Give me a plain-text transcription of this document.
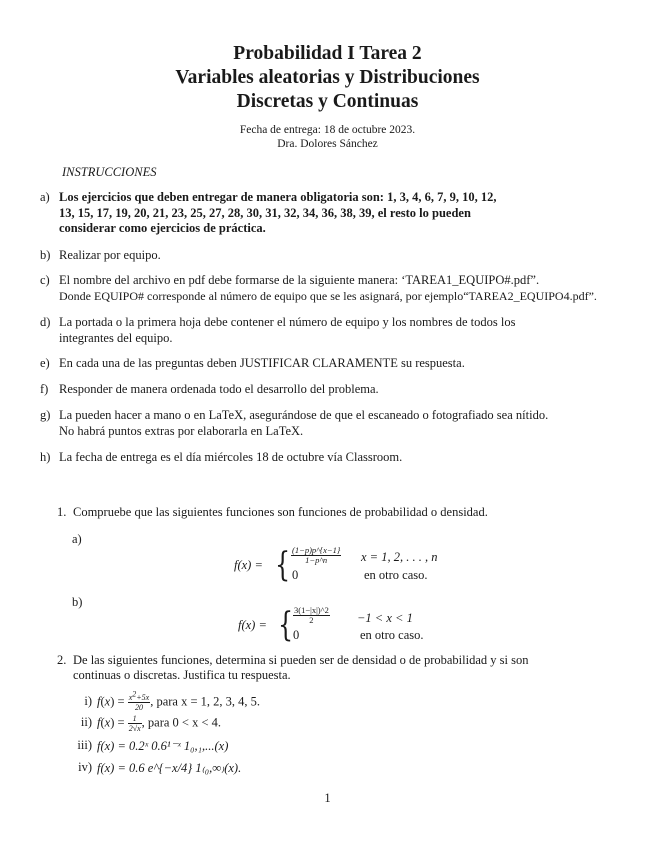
Probabilidad I Tarea 2
Variables aleatorias y Distribuciones
Discretas y Continuas
Fecha de entrega: 18 de octubre 2023.
Dra. Dolores Sánchez
INSTRUCCIONES
a) Los ejercicios que deben entregar de manera obligatoria son: 1, 3, 4, 6, 7, 9, 10, 12,
13, 15, 17, 19, 20, 21, 23, 25, 27, 28, 30, 31, 32, 34, 36, 38, 39, el resto lo pueden
considerar como ejercicios de práctica.
b) Realizar por equipo.
c) El nombre del archivo en pdf debe formarse de la siguiente manera: ‘TAREA1_EQUIPO#.pdf”.
Donde EQUIPO# corresponde al número de equipo que se les asignará, por ejemplo“TAREA2_EQUIPO4.pdf”.
d) La portada o la primera hoja debe contener el número de equipo y los nombres de todos los
integrantes del equipo.
e) En cada una de las preguntas deben JUSTIFICAR CLARAMENTE su respuesta.
f) Responder de manera ordenada todo el desarrollo del problema.
g) La pueden hacer a mano o en LaTeX, asegurándose de que el escaneado o fotografiado sea nítido.
No habrá puntos extras por elaborarla en LaTeX.
h) La fecha de entrega es el día miércoles 18 de octubre vía Classroom.
1. Compruebe que las siguientes funciones son funciones de probabilidad o densidad.
a)
f(x) = { $\frac{(1-p)p\^{}\{x-1\}}{1-p\^{}n}$ x = 1, 2, . . . , n
0	en otro caso.
b)
f(x) = { $\frac{3(1-|x|)\^{}2}{2} -1 < x < 1$
0	en otro caso.
2. De las siguientes funciones, determina si pueden ser de densidad o de probabilidad y si son
continuas o discretas. Justifica tu respuesta.
i) $f(x) = \frac{x^2+5x}{20}$ , para x = 1, 2, 3, 4, 5.
ii) $f(x) = \frac{1}{2√x}$ , para 0 < x < 4.
iii) f(x) = 0.2ˣ 0.6¹⁻ˣ 1₀,₁,...(x)
iv) f(x) = 0.6 e^{−x/4} 1₍₀,∞₎(x).
1
